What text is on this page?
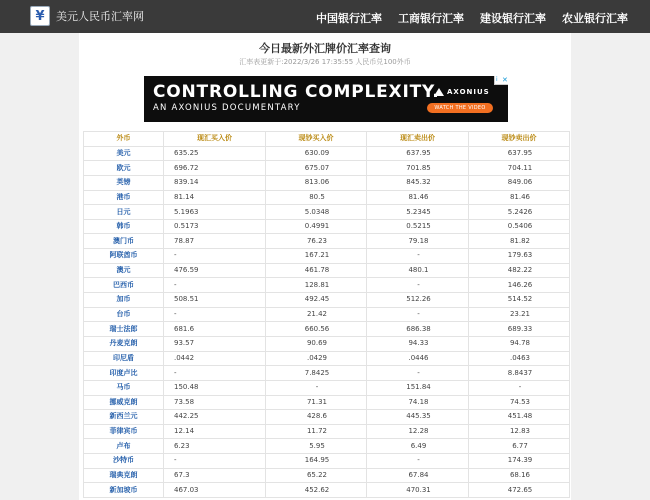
¥ 美元人民币汇率网	中国银行汇率 工商银行汇率 建设银行汇率 农业银行汇率
今日最新外汇牌价汇率查询
汇率表更新于:2022/3/26 17:35:55 人民币兑100外币
CONTROLLING COMPLEXITY.
AN AXONIUS DOCUMENTARY
AXONIUS
WATCH THE VIDEO
i ✕
外币	现汇买入价	现钞买入价	现汇卖出价	现钞卖出价
美元	635.25	630.09	637.95	637.95
欧元	696.72	675.07	701.85	704.11
英镑	839.14	813.06	845.32	849.06
港币	81.14	80.5	81.46	81.46
日元	5.1963	5.0348	5.2345	5.2426
韩币	0.5173	0.4991	0.5215	0.5406
澳门币	78.87	76.23	79.18	81.82
阿联酋币	-	167.21	-	179.63
澳元	476.59	461.78	480.1	482.22
巴西币	-	128.81	-	146.26
加币	508.51	492.45	512.26	514.52
台币	-	21.42	-	23.21
瑞士法郎	681.6	660.56	686.38	689.33
丹麦克朗	93.57	90.69	94.33	94.78
印尼盾	.0442	.0429	.0446	.0463
印度卢比	-	7.8425	-	8.8437
马币	150.48	-	151.84	-
挪威克朗	73.58	71.31	74.18	74.53
新西兰元	442.25	428.6	445.35	451.48
菲律宾币	12.14	11.72	12.28	12.83
卢布	6.23	5.95	6.49	6.77
沙特币	-	164.95	-	174.39
瑞典克朗	67.3	65.22	67.84	68.16
新加坡币	467.03	452.62	470.31	472.65
